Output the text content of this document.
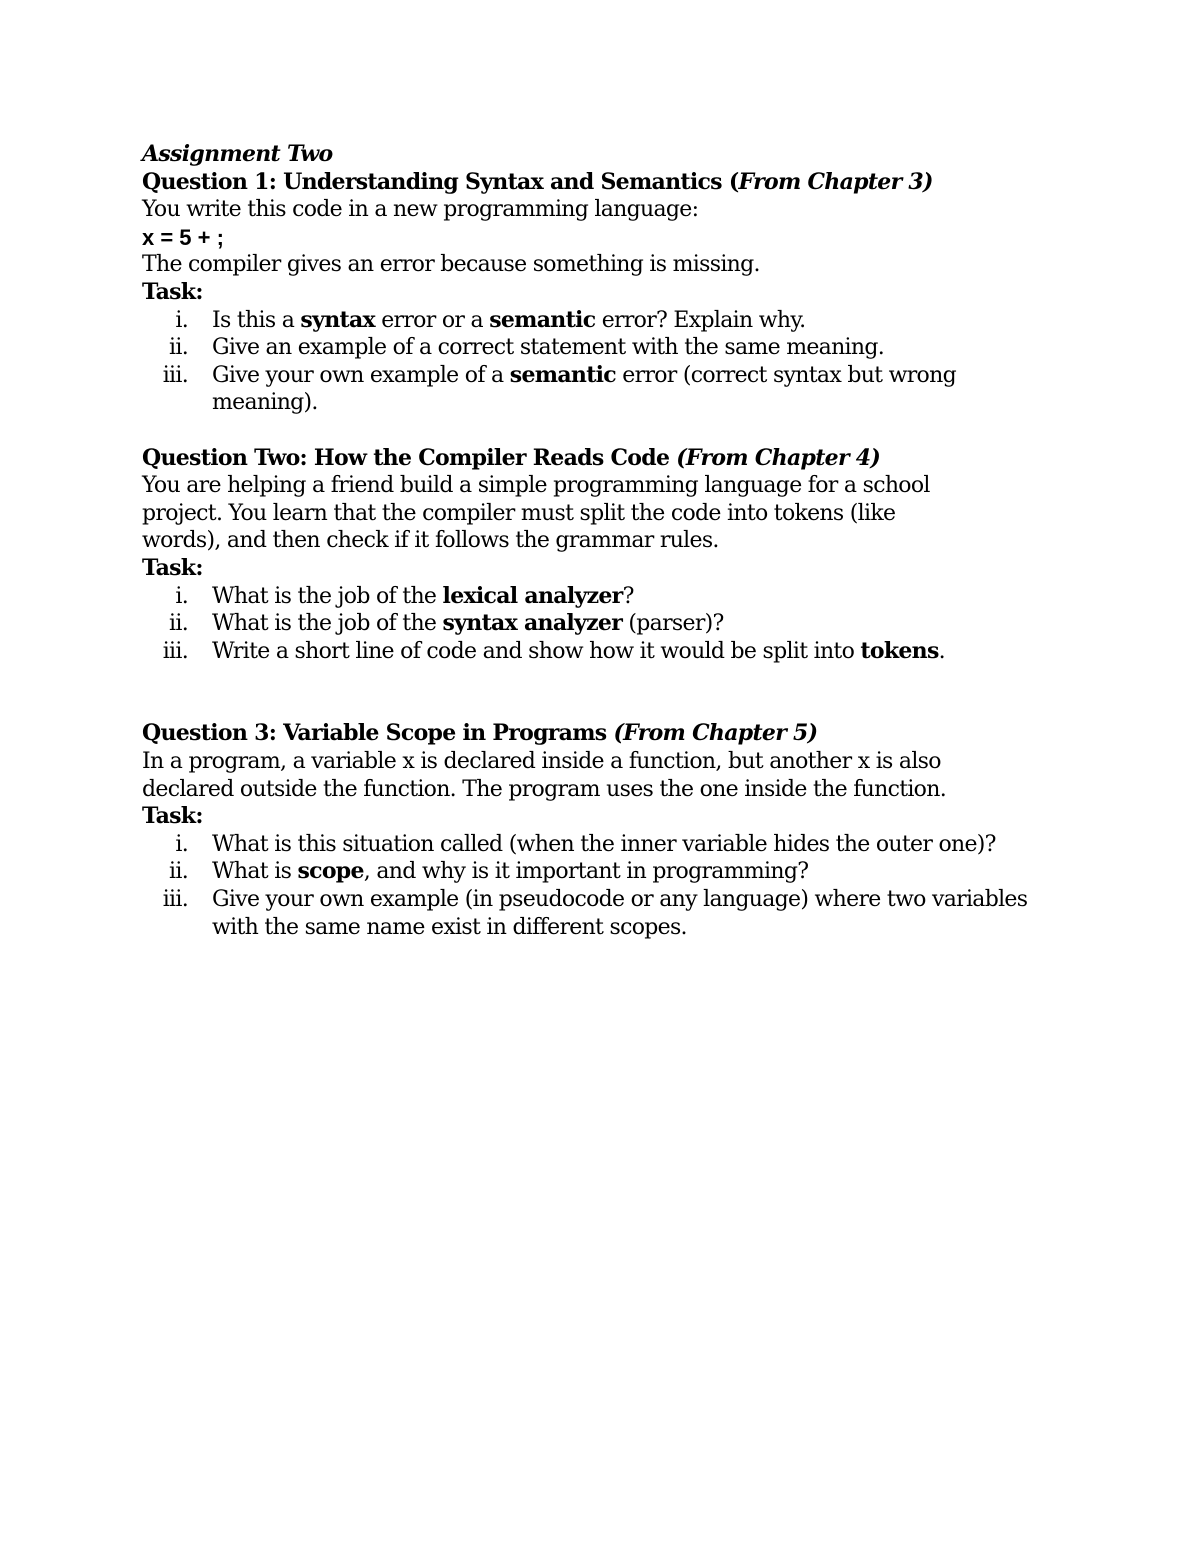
Assignment Two
Question 1: Understanding Syntax and Semantics (From Chapter 3)
You write this code in a new programming language:
x = 5 + ;
The compiler gives an error because something is missing.
Task:
i.	Is this a syntax error or a semantic error? Explain why.
ii.	Give an example of a correct statement with the same meaning.
iii.	Give your own example of a semantic error (correct syntax but wrong meaning).
Question Two: How the Compiler Reads Code (From Chapter 4)
You are helping a friend build a simple programming language for a school
project. You learn that the compiler must split the code into tokens (like
words), and then check if it follows the grammar rules.
Task:
i.	What is the job of the lexical analyzer?
ii.	What is the job of the syntax analyzer (parser)?
iii.	Write a short line of code and show how it would be split into tokens.
Question 3: Variable Scope in Programs (From Chapter 5)
In a program, a variable x is declared inside a function, but another x is also
declared outside the function. The program uses the one inside the function.
Task:
i.	What is this situation called (when the inner variable hides the outer one)?
ii.	What is scope, and why is it important in programming?
iii.	Give your own example (in pseudocode or any language) where two variables with the same name exist in different scopes.
